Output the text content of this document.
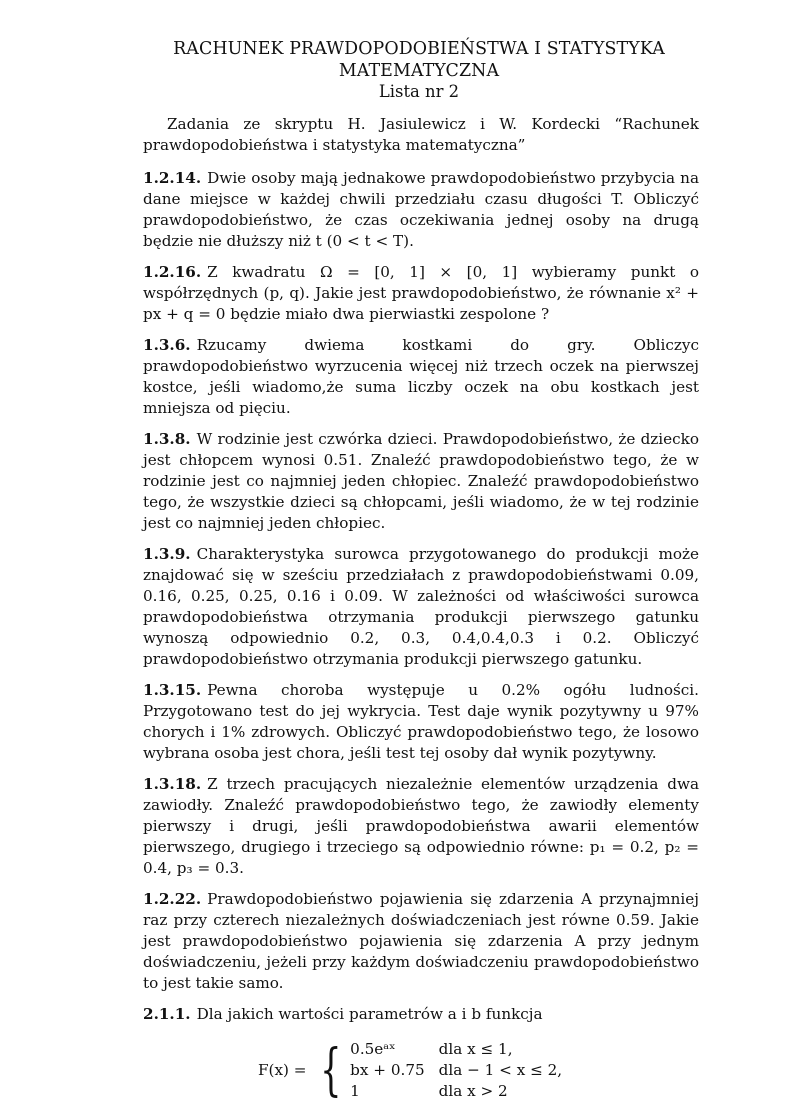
RACHUNEK PRAWDOPODOBIEŃSTWA I STATYSTYKA
MATEMATYCZNA
Lista nr 2

Zadania ze skryptu H. Jasiulewicz i W. Kordecki “Rachunek prawdopodobieństwa i statystyka matematyczna”

1.2.14. Dwie osoby mają jednakowe prawdopodobieństwo przybycia na dane miejsce w każdej chwili przedziału czasu długości T. Obliczyć prawdopodobieństwo, że czas oczekiwania jednej osoby na drugą będzie nie dłuższy niż t (0 < t < T).

1.2.16. Z kwadratu Ω = [0, 1] × [0, 1] wybieramy punkt o współrzędnych (p, q). Jakie jest prawdopodobieństwo, że równanie x² + px + q = 0 będzie miało dwa pierwiastki zespolone ?

1.3.6. Rzucamy dwiema kostkami do gry. Obliczyc prawdopodobieństwo wyrzucenia więcej niż trzech oczek na pierwszej kostce, jeśli wiadomo,że suma liczby oczek na obu kostkach jest mniejsza od pięciu.

1.3.8. W rodzinie jest czwórka dzieci. Prawdopodobieństwo, że dziecko jest chłopcem wynosi 0.51. Znaleźć prawdopodobieństwo tego, że w rodzinie jest co najmniej jeden chłopiec. Znaleźć prawdopodobieństwo tego, że wszystkie dzieci są chłopcami, jeśli wiadomo, że w tej rodzinie jest co najmniej jeden chłopiec.

1.3.9. Charakterystyka surowca przygotowanego do produkcji może znajdować się w sześciu przedziałach z prawdopodobieństwami 0.09, 0.16, 0.25, 0.25, 0.16 i 0.09. W zależności od właściwości surowca prawdopodobieństwa otrzymania produkcji pierwszego gatunku wynoszą odpowiednio 0.2, 0.3, 0.4,0.4,0.3 i 0.2. Obliczyć prawdopodobieństwo otrzymania produkcji pierwszego gatunku.

1.3.15. Pewna choroba występuje u 0.2% ogółu ludności. Przygotowano test do jej wykrycia. Test daje wynik pozytywny u 97% chorych i 1% zdrowych. Obliczyć prawdopodobieństwo tego, że losowo wybrana osoba jest chora, jeśli test tej osoby dał wynik pozytywny.

1.3.18. Z trzech pracujących niezależnie elementów urządzenia dwa zawiodły. Znaleźć prawdopodobieństwo tego, że zawiodły elementy pierwszy i drugi, jeśli prawdopodobieństwa awarii elementów pierwszego, drugiego i trzeciego są odpowiednio równe: p₁ = 0.2, p₂ = 0.4, p₃ = 0.3.

1.2.22. Prawdopodobieństwo pojawienia się zdarzenia A przynajmniej raz przy czterech niezależnych doświadczeniach jest równe 0.59. Jakie jest prawdopodobieństwo pojawienia się zdarzenia A przy jednym doświadczeniu, jeżeli przy każdym doświadczeniu prawdopodobieństwo to jest takie samo.

2.1.1. Dla jakich wartości parametrów a i b funkcja

F(x) = { 0.5eᵃˣ	dla x ≤ 1,
bx + 0.75 dla − 1 < x ≤ 2,
1	dla x > 2
